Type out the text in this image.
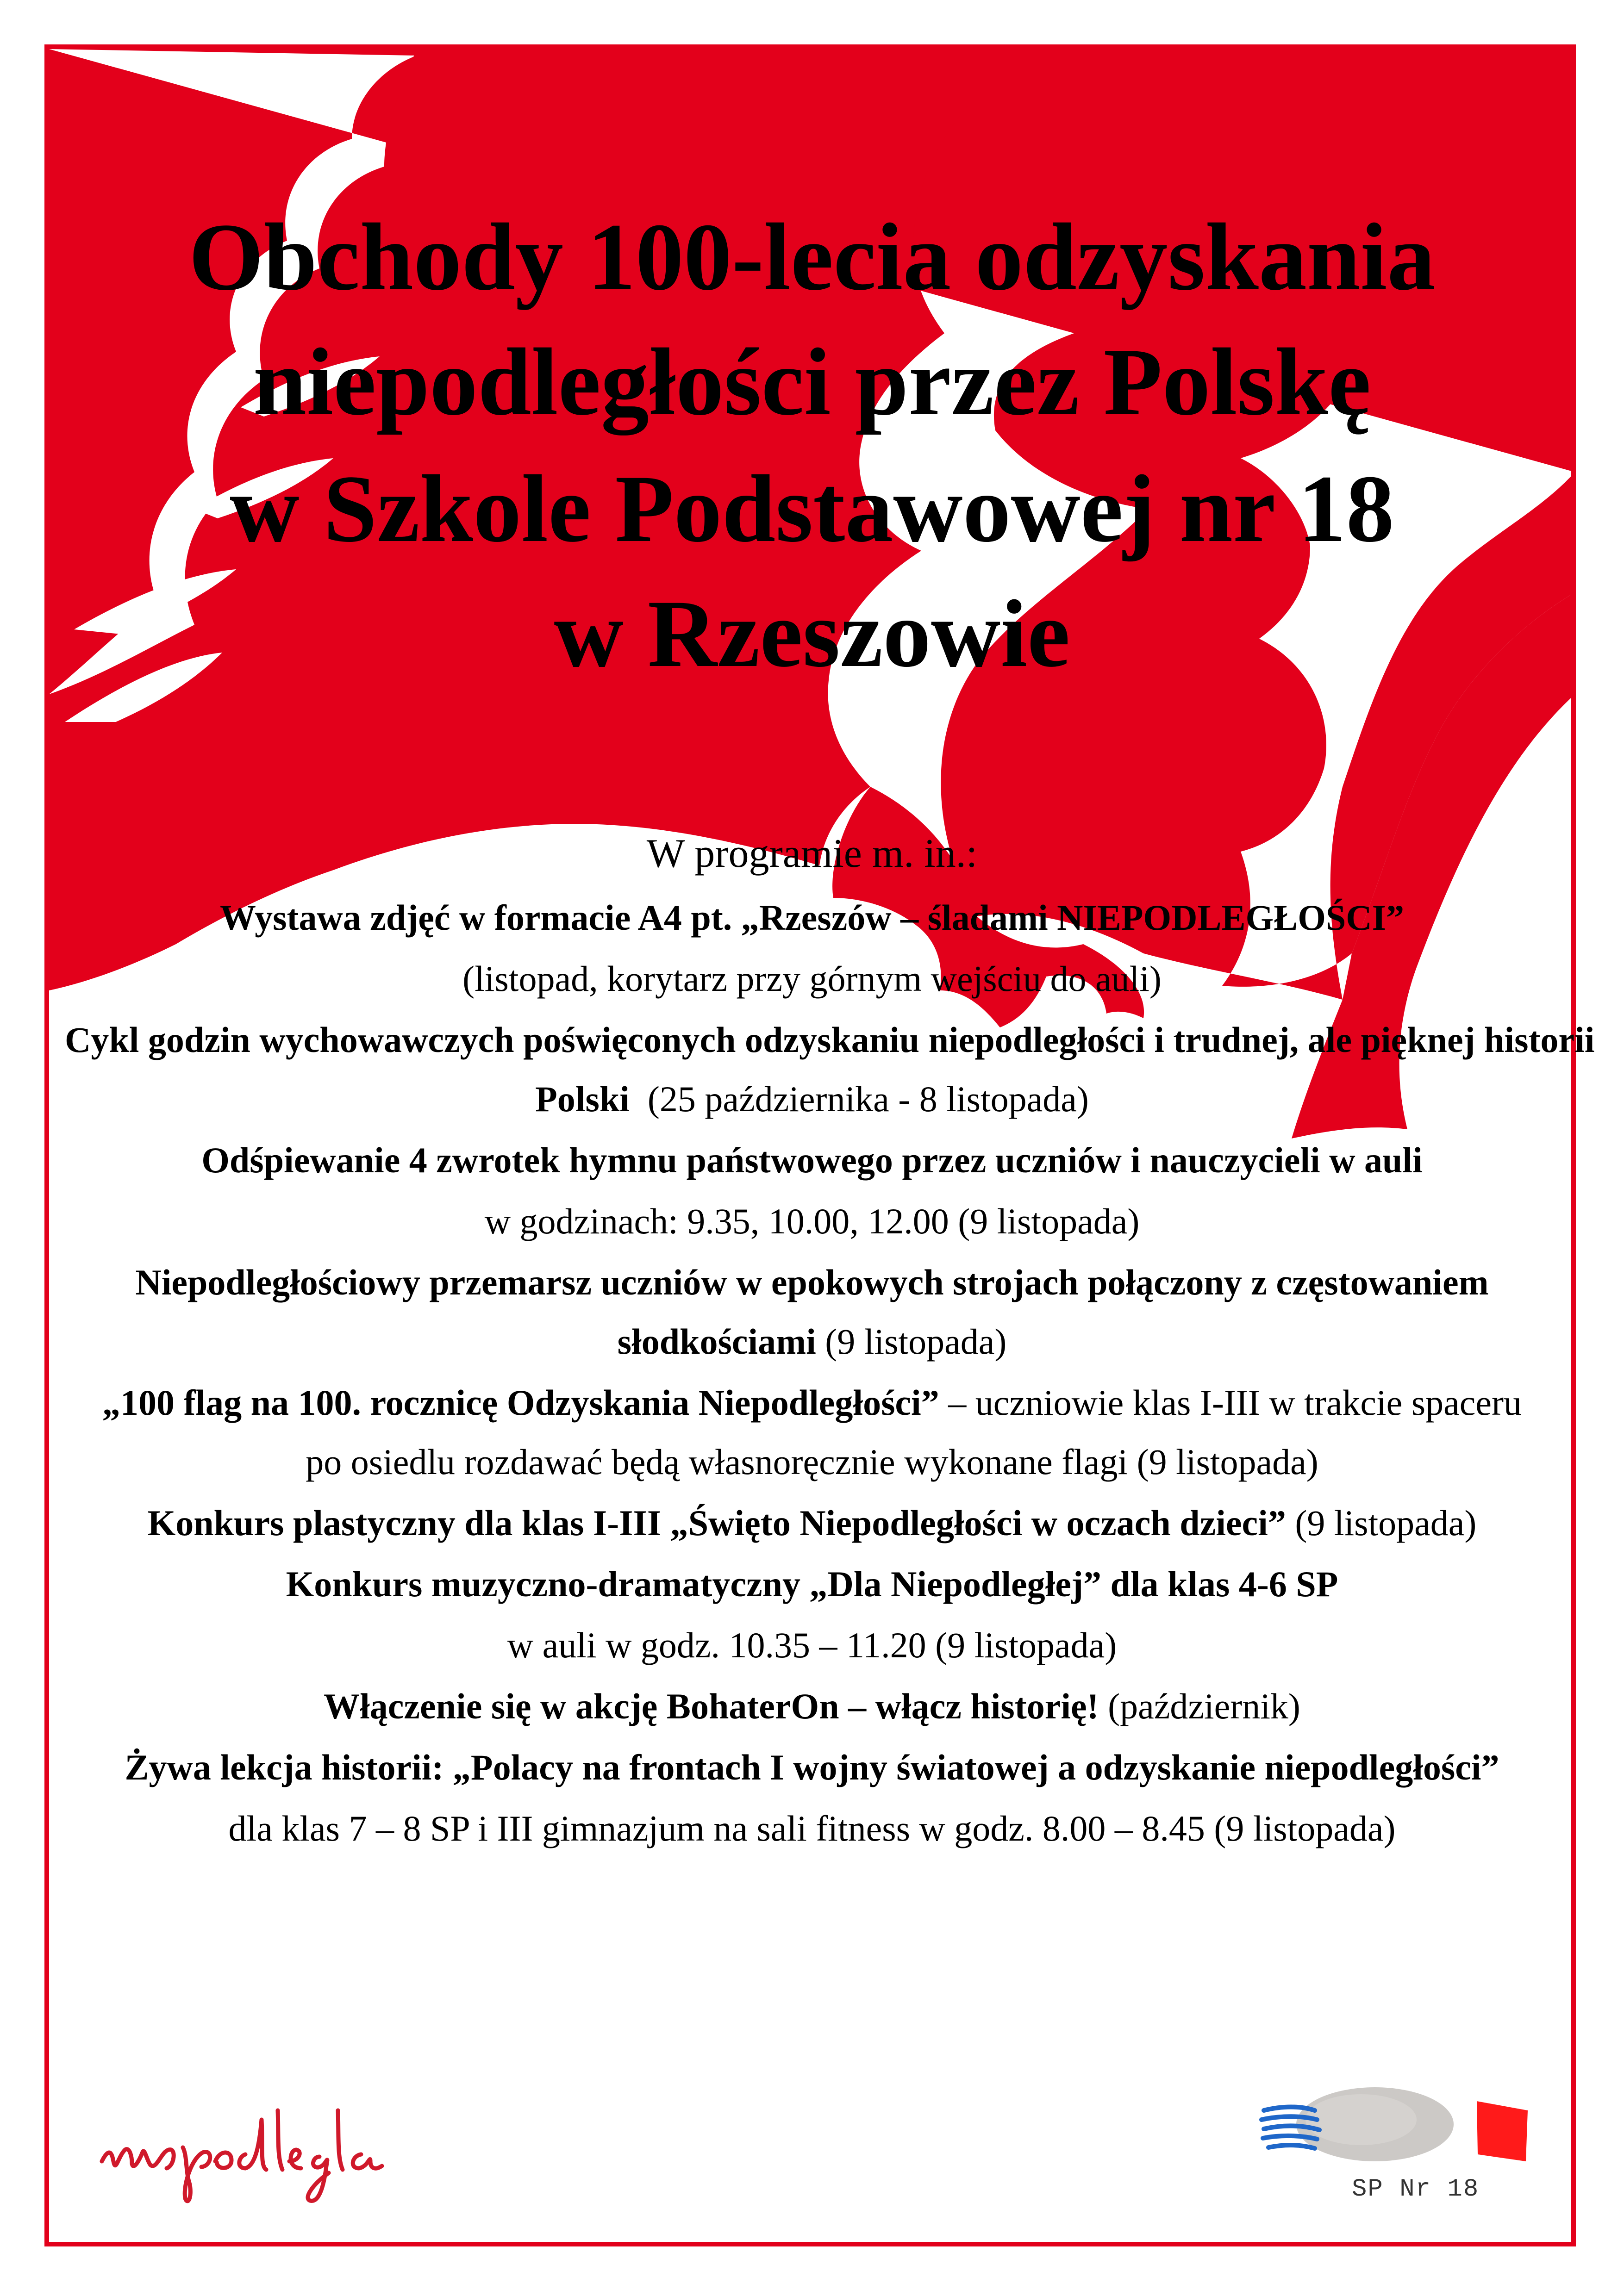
Obchody 100-lecia odzyskania
niepodległości przez Polskę
w Szkole Podstawowej nr 18
w Rzeszowie
W programie m. in.:
Wystawa zdjęć w formacie A4 pt. „Rzeszów – śladami NIEPODLEGŁOŚCI”
(listopad, korytarz przy górnym wejściu do auli)
Cykl godzin wychowawczych poświęconych odzyskaniu niepodległości i trudnej, ale pięknej historii
Polski  (25 października - 8 listopada)
Odśpiewanie 4 zwrotek hymnu państwowego przez uczniów i nauczycieli w auli
w godzinach: 9.35, 10.00, 12.00 (9 listopada)
Niepodległościowy przemarsz uczniów w epokowych strojach połączony z częstowaniem
słodkościami (9 listopada)
„100 flag na 100. rocznicę Odzyskania Niepodległości” – uczniowie klas I-III w trakcie spaceru
po osiedlu rozdawać będą własnoręcznie wykonane flagi (9 listopada)
Konkurs plastyczny dla klas I-III „Święto Niepodległości w oczach dzieci” (9 listopada)
Konkurs muzyczno-dramatyczny „Dla Niepodległej” dla klas 4-6 SP
w auli w godz. 10.35 – 11.20 (9 listopada)
Włączenie się w akcję BohaterOn – włącz historię! (październik)
Żywa lekcja historii: „Polacy na frontach I wojny światowej a odzyskanie niepodległości”
dla klas 7 – 8 SP i III gimnazjum na sali fitness w godz. 8.00 – 8.45 (9 listopada)
SP Nr 18
